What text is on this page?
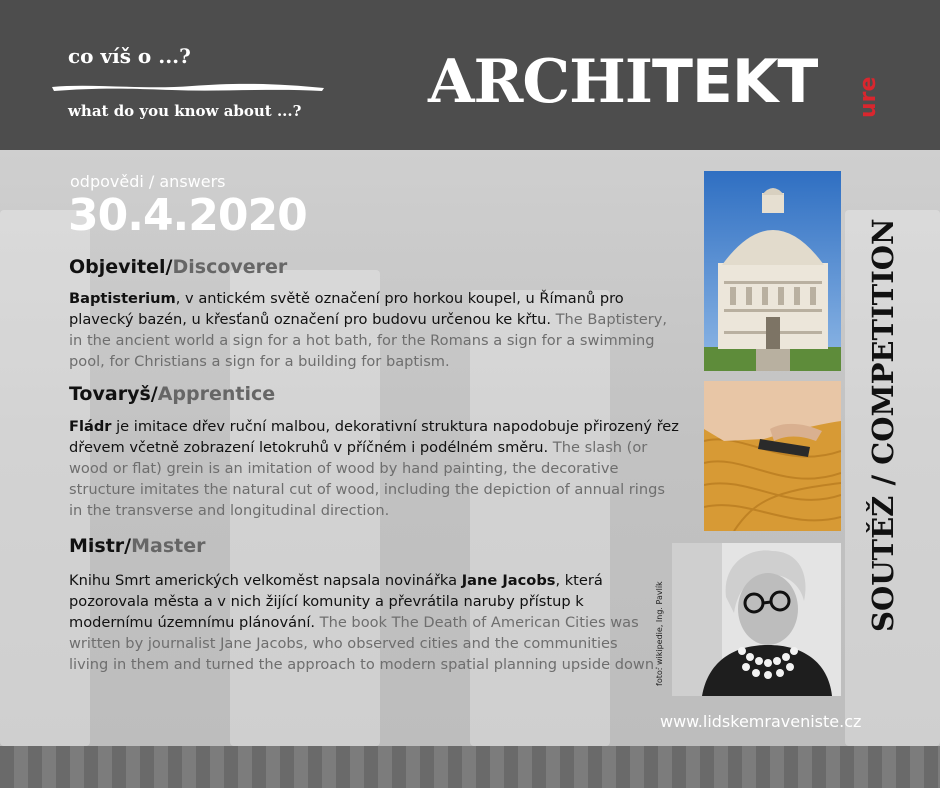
co víš o ...?
what do you know about ...? ARCHITEKT ure
odpovědi / answers
30.4.2020
Objevitel/Discoverer
Baptisterium, v antickém světě označení pro horkou koupel, u Římanů pro plavecký bazén, u křesťanů označení pro budovu určenou ke křtu. The Baptistery, in the ancient world a sign for a hot bath, for the Romans a sign for a swimming pool, for Christians a sign for a building for baptism.
Tovaryš/Apprentice
Fládr je imitace dřev ruční malbou, dekorativní struktura napodobuje přirozený řez dřevem včetně zobrazení letokruhů v příčném i podélném směru. The slash (or wood or flat) grein is an imitation of wood by hand painting, the decorative structure imitates the natural cut of wood, including the depiction of annual rings in the transverse and longitudinal direction.
Mistr/Master
Knihu Smrt amerických velkoměst napsala novinářka Jane Jacobs, která pozorovala města a v nich žijící komunity a převrátila naruby přístup k modernímu územnímu plánování. The book The Death of American Cities was written by journalist Jane Jacobs, who observed cities and the communities living in them and turned the approach to modern spatial planning upside down.
foto: wikipedie, Ing. Pavlík
SOUTĚŽ / COMPETITION
www.lidskemraveniste.cz
